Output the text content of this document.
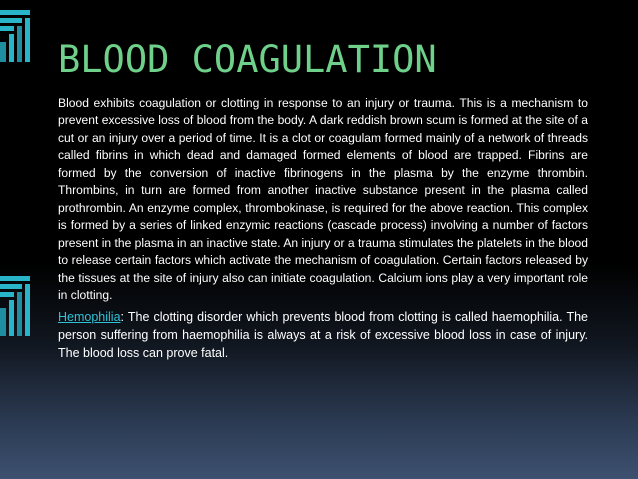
BLOOD COAGULATION

Blood exhibits coagulation or clotting in response to an injury or trauma. This is a mechanism to prevent excessive loss of blood from the body. A dark reddish brown scum is formed at the site of a cut or an injury over a period of time. It is a clot or coagulam formed mainly of a network of threads called fibrins in which dead and damaged formed elements of blood are trapped. Fibrins are formed by the conversion of inactive fibrinogens in the plasma by the enzyme thrombin. Thrombins, in turn are formed from another inactive substance present in the plasma called prothrombin. An enzyme complex, thrombokinase, is required for the above reaction. This complex is formed by a series of linked enzymic reactions (cascade process) involving a number of factors present in the plasma in an inactive state. An injury or a trauma stimulates the platelets in the blood to release certain factors which activate the mechanism of coagulation. Certain factors released by the tissues at the site of injury also can initiate coagulation. Calcium ions play a very important role in clotting.

Hemophilia: The clotting disorder which prevents blood from clotting is called haemophilia. The person suffering from haemophilia is always at a risk of excessive blood loss in case of injury. The blood loss can prove fatal.
